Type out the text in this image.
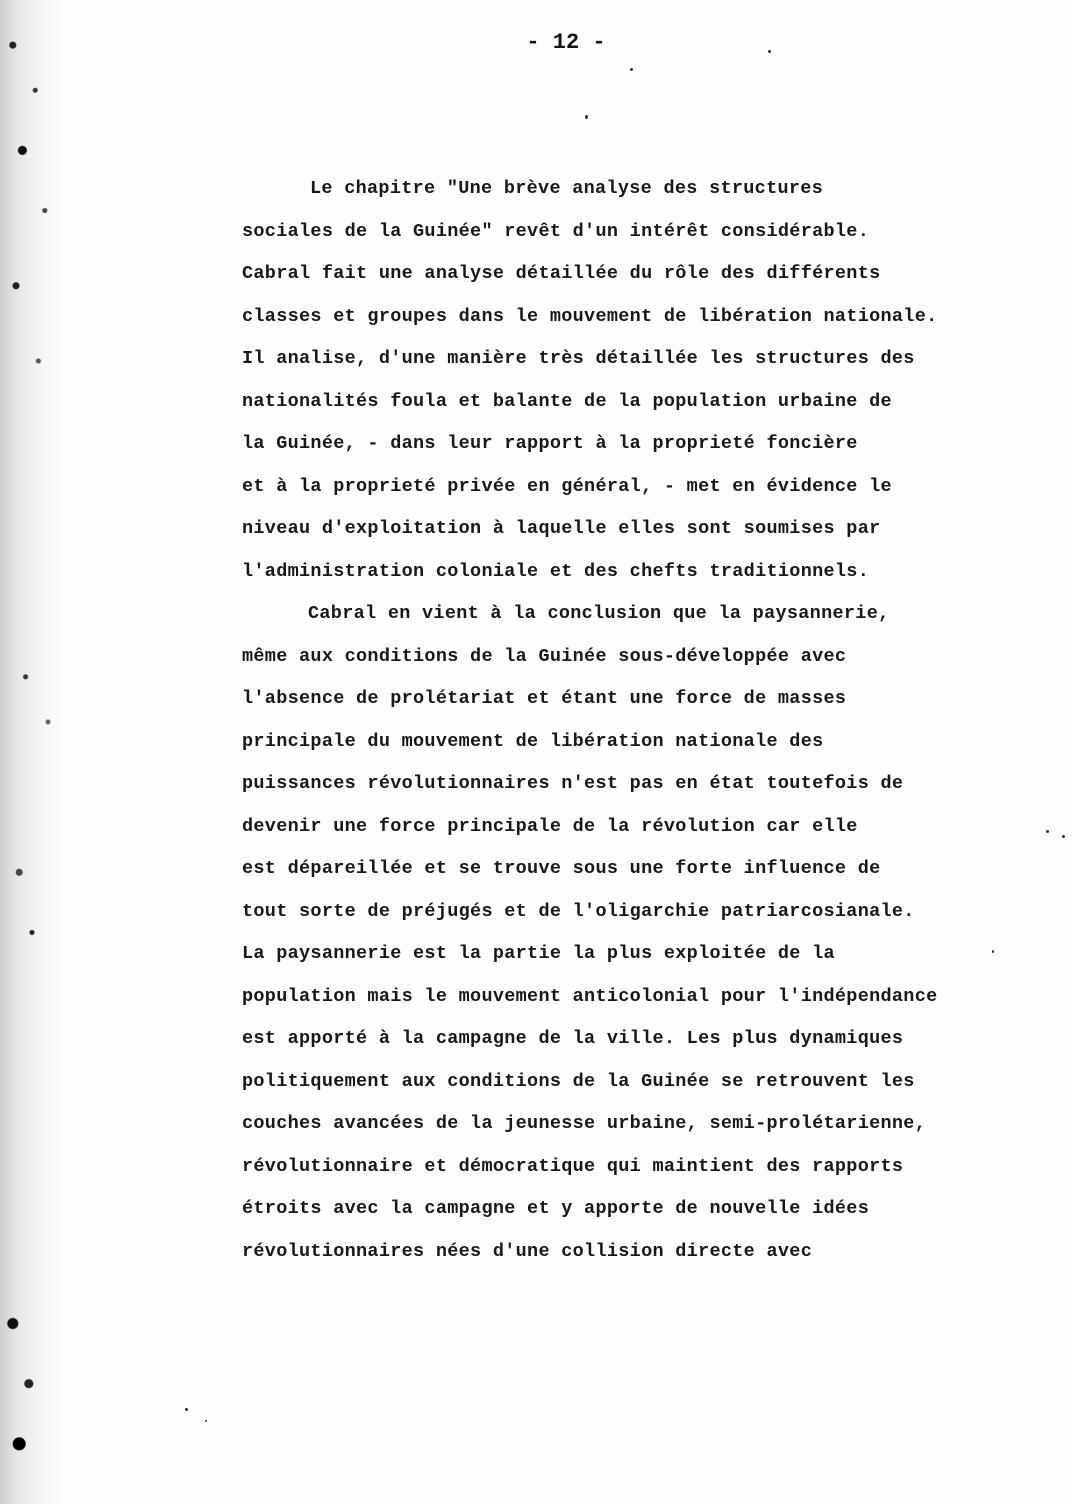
- 12 -
Le chapitre "Une brève analyse des structures
sociales de la Guinée" revêt d'un intérêt considérable.
Cabral fait une analyse détaillée du rôle des différents
classes et groupes dans le mouvement de libération nationale.
Il analise, d'une manière très détaillée les structures des
nationalités foula et balante de la population urbaine de
la Guinée, - dans leur rapport à la proprieté foncière
et à la proprieté privée en général, - met en évidence le
niveau d'exploitation à laquelle elles sont soumises par
l'administration coloniale et des chefts traditionnels.
Cabral en vient à la conclusion que la paysannerie,
même aux conditions de la Guinée sous-développée avec
l'absence de prolétariat et étant une force de masses
principale du mouvement de libération nationale des
puissances révolutionnaires n'est pas en état toutefois de
devenir une force principale de la révolution car elle
est dépareillée et se trouve sous une forte influence de
tout sorte de préjugés et de l'oligarchie patriarcosianale.
La paysannerie est la partie la plus exploitée de la
population mais le mouvement anticolonial pour l'indépendance
est apporté à la campagne de la ville. Les plus dynamiques
politiquement aux conditions de la Guinée se retrouvent les
couches avancées de la jeunesse urbaine, semi-prolétarienne,
révolutionnaire et démocratique qui maintient des rapports
étroits avec la campagne et y apporte de nouvelle idées
révolutionnaires nées d'une collision directe avec
